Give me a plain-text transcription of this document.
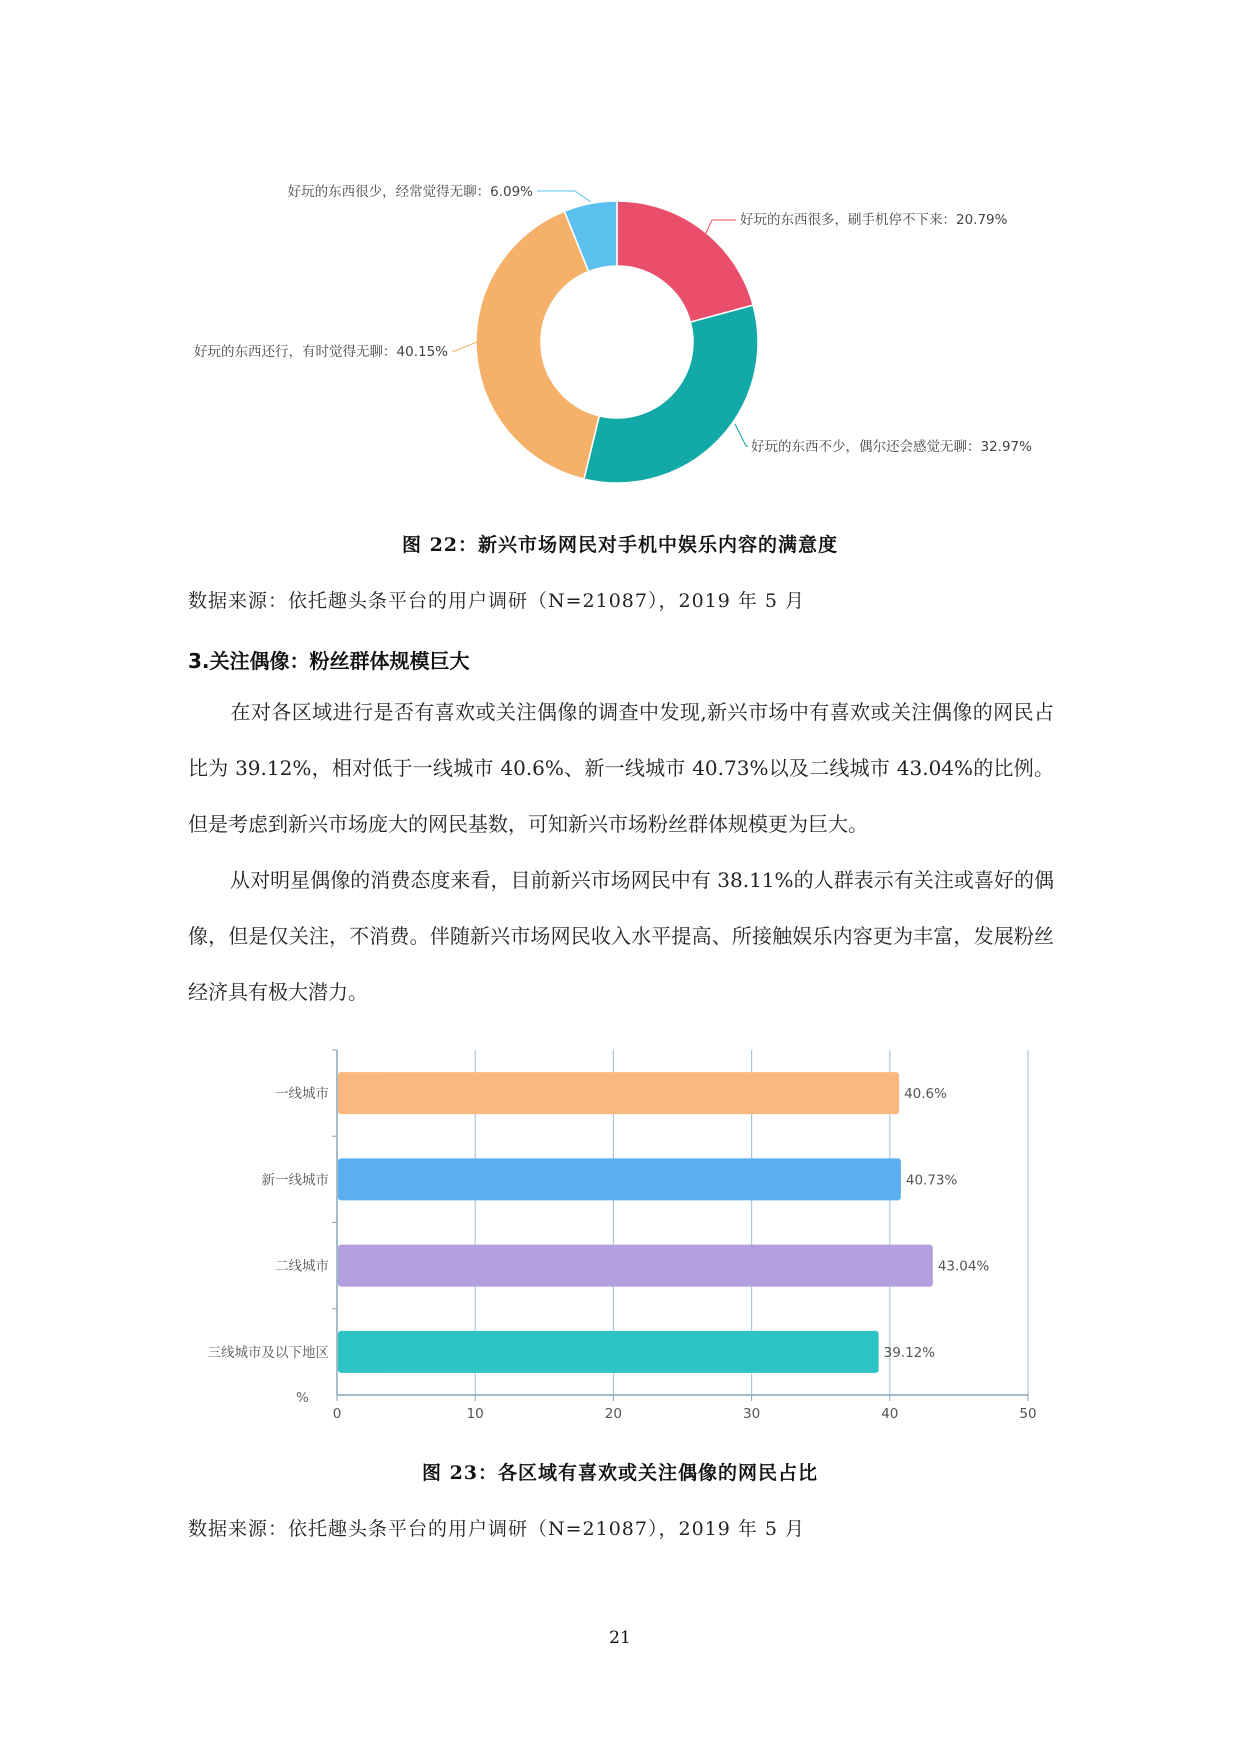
好玩的东西很多，刷手机停不下来：20.79%
好玩的东西不少，偶尔还会感觉无聊：32.97%
好玩的东西还行，有时觉得无聊：40.15%
好玩的东西很少，经常觉得无聊：6.09%
图 22：新兴市场网民对手机中娱乐内容的满意度
数据来源：依托趣头条平台的用户调研（N=21087），2019 年 5 月
3.关注偶像：粉丝群体规模巨大

在对各区域进行是否有喜欢或关注偶像的调查中发现,新兴市场中有喜欢或关注偶像的网民占比为 39.12%，相对低于一线城市 40.6%、新一线城市 40.73%以及二线城市 43.04%的比例。但是考虑到新兴市场庞大的网民基数，可知新兴市场粉丝群体规模更为巨大。

从对明星偶像的消费态度来看，目前新兴市场网民中有 38.11%的人群表示有关注或喜好的偶像，但是仅关注，不消费。伴随新兴市场网民收入水平提高、所接触娱乐内容更为丰富，发展粉丝经济具有极大潜力。

一线城市
新一线城市
二线城市
三线城市及以下地区
40.6%
40.73%
43.04%
39.12%
0	10	20	30	40	50
%
图 23：各区域有喜欢或关注偶像的网民占比
数据来源：依托趣头条平台的用户调研（N=21087），2019 年 5 月
21
